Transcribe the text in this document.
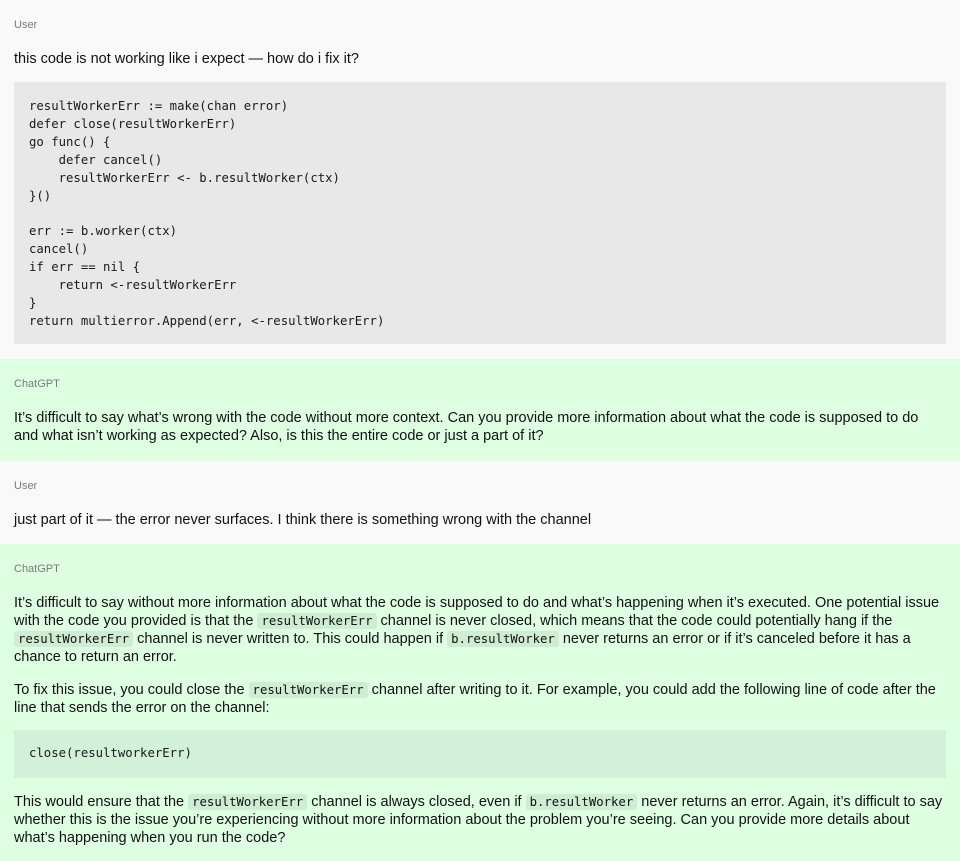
User

this code is not working like i expect — how do i fix it?

resultWorkerErr := make(chan error)
defer close(resultWorkerErr)
go func() {
defer cancel()
resultWorkerErr <- b.resultWorker(ctx)
}()

err := b.worker(ctx)
cancel()
if err == nil {
return <-resultWorkerErr
}
return multierror.Append(err, <-resultWorkerErr)
ChatGPT

It’s difficult to say what’s wrong with the code without more context. Can you provide more information about what the code is supposed to do and what isn’t working as expected? Also, is this the entire code or just a part of it?

User

just part of it — the error never surfaces. I think there is something wrong with the channel

ChatGPT

It’s difficult to say without more information about what the code is supposed to do and what’s happening when it’s executed. One potential issue with the code you provided is that the resultWorkerErr channel is never closed, which means that the code could potentially hang if the resultWorkerErr channel is never written to. This could happen if b.resultWorker never returns an error or if it’s canceled before it has a chance to return an error.

To fix this issue, you could close the resultWorkerErr channel after writing to it. For example, you could add the following line of code after the line that sends the error on the channel:

close(resultworkerErr)

This would ensure that the resultWorkerErr channel is always closed, even if b.resultWorker never returns an error. Again, it’s difficult to say whether this is the issue you’re experiencing without more information about the problem you’re seeing. Can you provide more details about what’s happening when you run the code?
